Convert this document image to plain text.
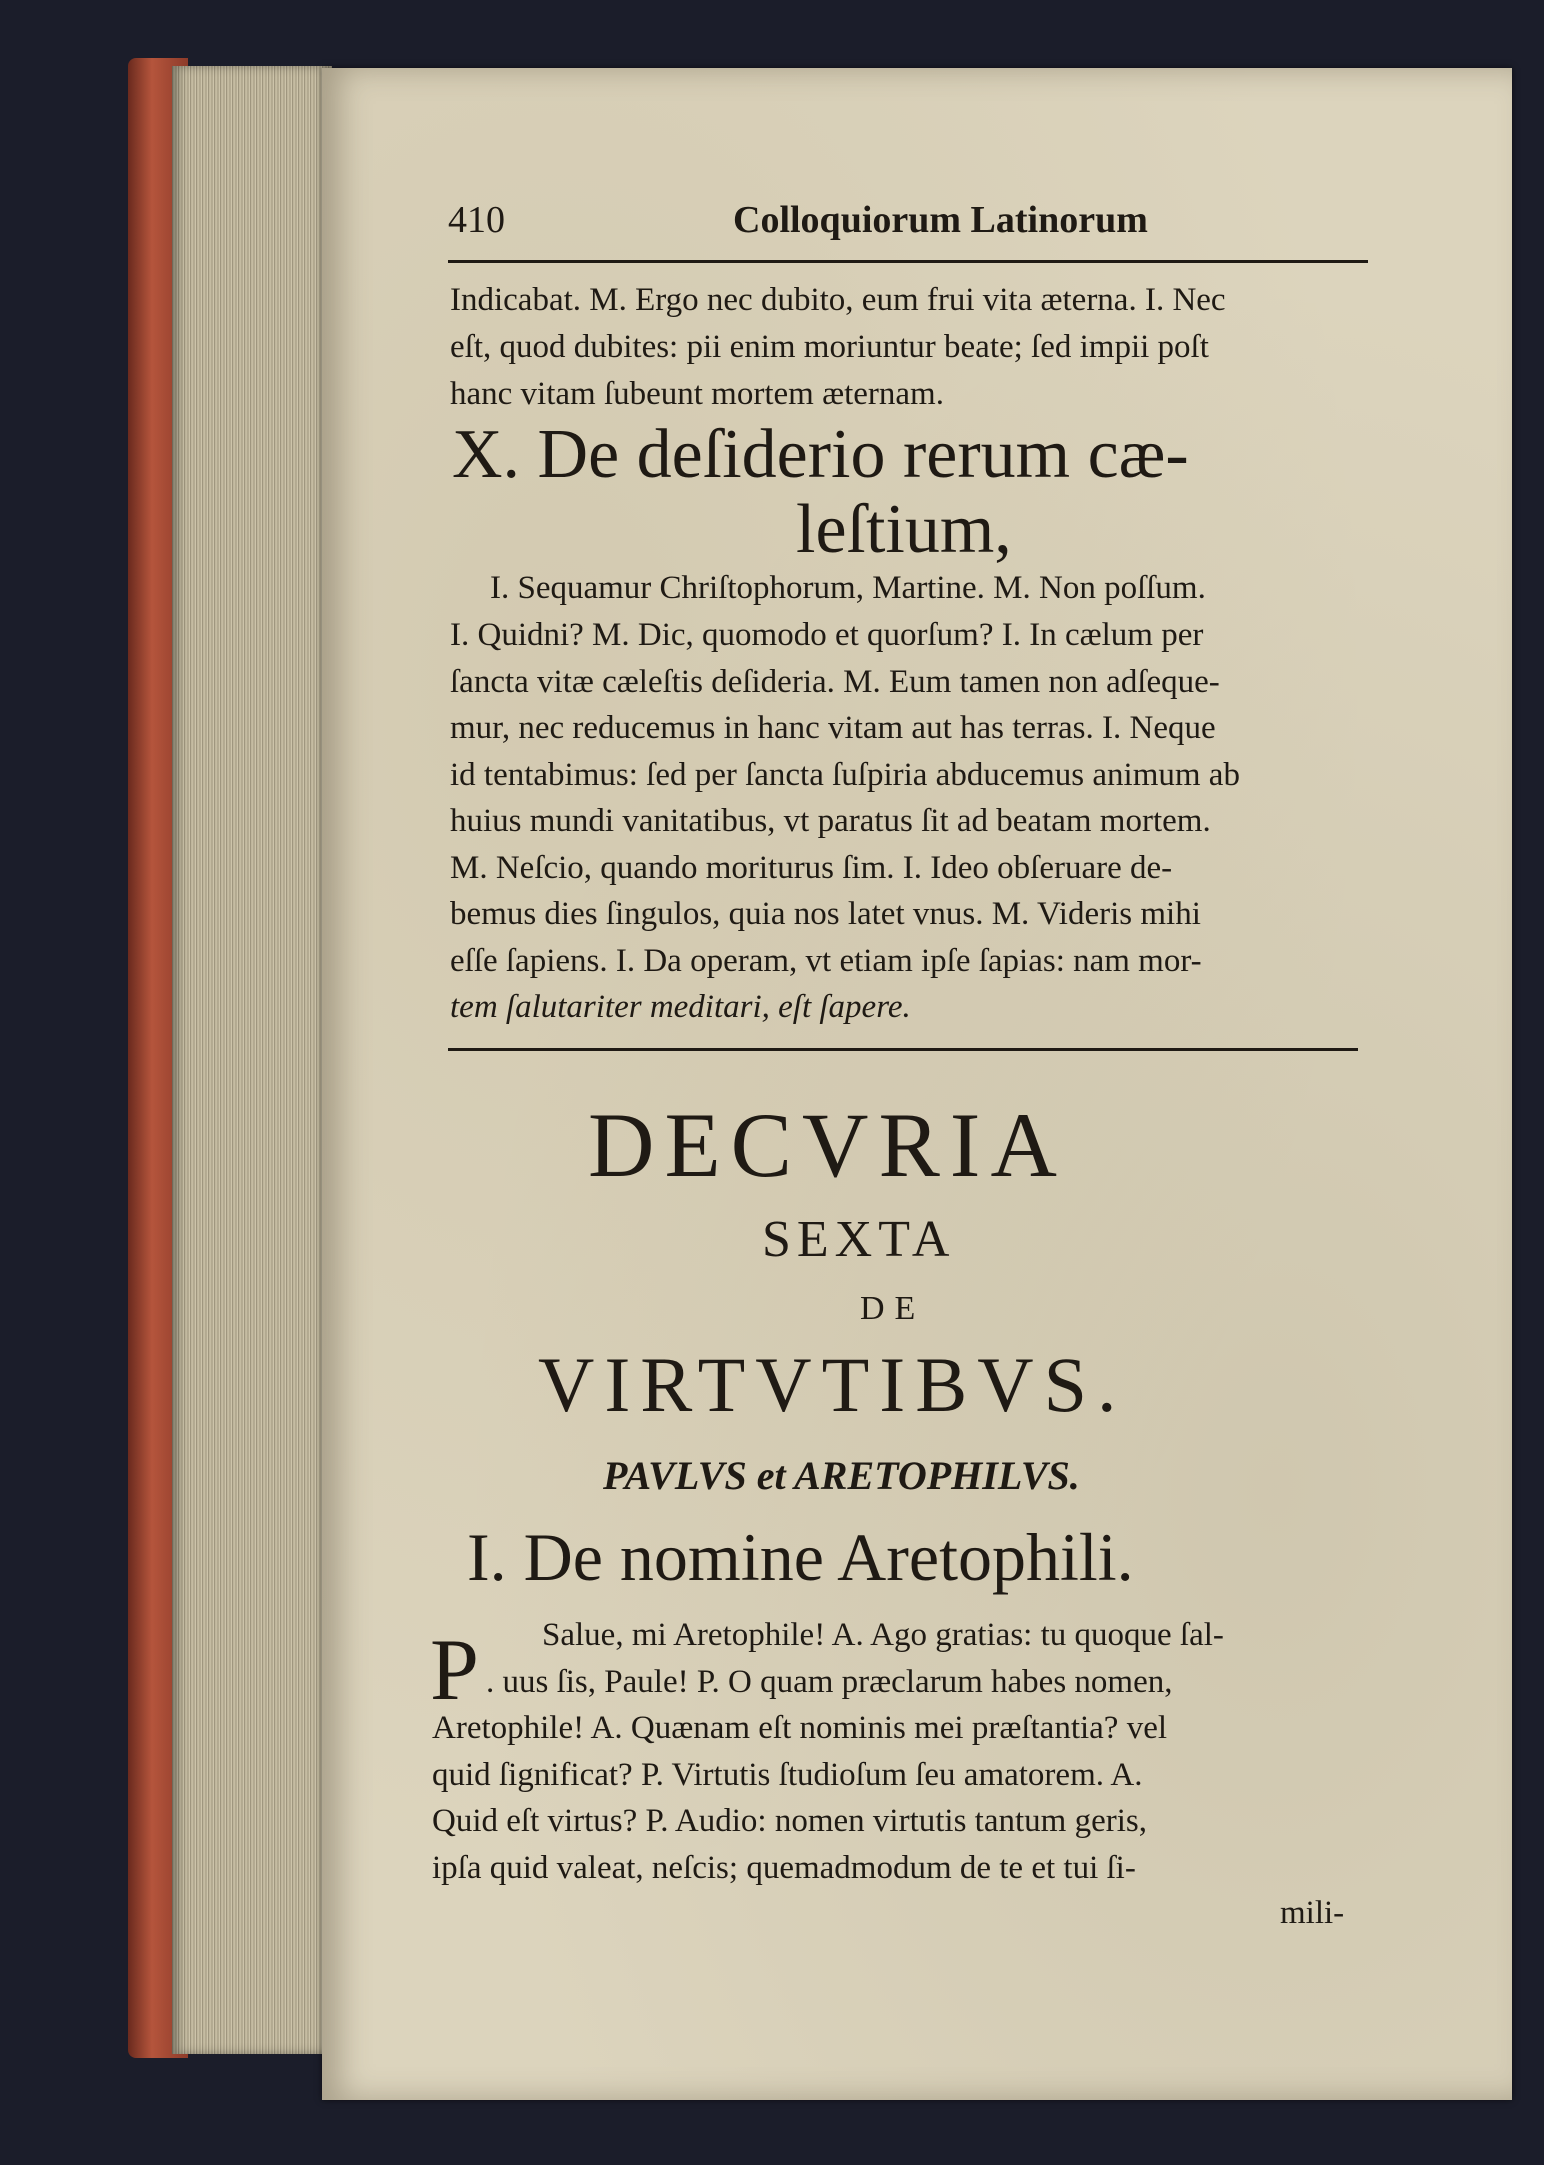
410	Colloquiorum Latinorum
Indicabat. M. Ergo nec dubito, eum frui vita æterna. I. Nec
eſt, quod dubites: pii enim moriuntur beate; ſed impii poſt
hanc vitam ſubeunt mortem æternam.
X. De deſiderio rerum cæ-
leſtium,
I. Sequamur Chriſtophorum, Martine. M. Non poſſum.
I. Quidni? M. Dic, quomodo et quorſum? I. In cælum per
ſancta vitæ cæleſtis deſideria. M. Eum tamen non adſeque-
mur, nec reducemus in hanc vitam aut has terras. I. Neque
id tentabimus: ſed per ſancta ſuſpiria abducemus animum ab
huius mundi vanitatibus, vt paratus ſit ad beatam mortem.
M. Neſcio, quando moriturus ſim. I. Ideo obſeruare de-
bemus dies ſingulos, quia nos latet vnus. M. Videris mihi
eſſe ſapiens. I. Da operam, vt etiam ipſe ſapias: nam mor-
tem ſalutariter meditari, eſt ſapere.
DECVRIA
SEXTA
DE
VIRTVTIBVS.
PAVLVS et ARETOPHILVS.
I. De nomine Aretophili.
P Salue, mi Aretophile! A. Ago gratias: tu quoque ſal-
. uus ſis, Paule! P. O quam præclarum habes nomen,
Aretophile! A. Quænam eſt nominis mei præſtantia? vel
quid ſignificat? P. Virtutis ſtudioſum ſeu amatorem. A.
Quid eſt virtus? P. Audio: nomen virtutis tantum geris,
ipſa quid valeat, neſcis; quemadmodum de te et tui ſi-
mili-
